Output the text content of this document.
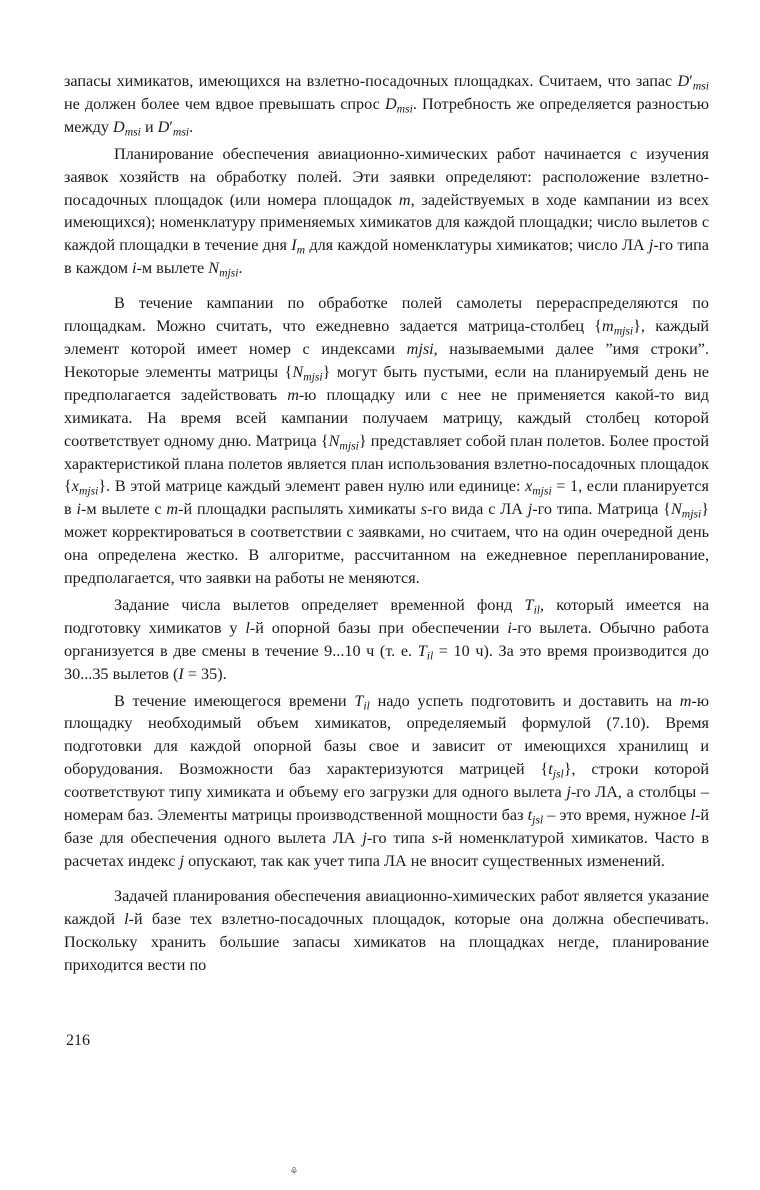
запасы химикатов, имеющихся на взлетно-посадочных площадках. Считаем, что запас $D'_{msi}$ не должен более чем вдвое превышать спрос $D_{msi}$. Потребность же определяется разностью между $D_{msi}$ и $D'_{msi}$.

Планирование обеспечения авиационно-химических работ начинается с изучения заявок хозяйств на обработку полей. Эти заявки определяют: расположение взлетно-посадочных площадок (или номера площадок m, задействуемых в ходе кампании из всех имеющихся); номенклатуру применяемых химикатов для каждой площадки; число вылетов с каждой площадки в течение дня $I_m$ для каждой номенклатуры химикатов; число ЛА j-го типа в каждом i-м вылете $N_{mjsi}$.

В течение кампании по обработке полей самолеты перераспределяются по площадкам. Можно считать, что ежедневно задается матрица-столбец $\{m_{mjsi}\}$, каждый элемент которой имеет номер с индексами mjsi, называемыми далее ”имя строки”. Некоторые элементы матрицы $\{N_{mjsi}\}$ могут быть пустыми, если на планируемый день не предполагается задействовать m-ю площадку или с нее не применяется какой-то вид химиката. На время всей кампании получаем матрицу, каждый столбец которой соответствует одному дню. Матрица $\{N_{mjsi}\}$ представляет собой план полетов. Более простой характеристикой плана полетов является план использования взлетно-посадочных площадок $\{x_{mjsi}\}$. В этой матрице каждый элемент равен нулю или единице: $x_{mjsi} = 1$, если планируется в i-м вылете с m-й площадки распылять химикаты s-го вида с ЛА j-го типа. Матрица $\{N_{mjsi}\}$ может корректироваться в соответствии с заявками, но считаем, что на один очередной день она определена жестко. В алгоритме, рассчитанном на ежедневное перепланирование, предполагается, что заявки на работы не меняются.

Задание числа вылетов определяет временной фонд $T_{il}$, который имеется на подготовку химикатов у l-й опорной базы при обеспечении i-го вылета. Обычно работа организуется в две смены в течение 9...10 ч (т. е. $T_{il} = 10$ ч). За это время производится до 30...35 вылетов (I = 35).

В течение имеющегося времени $T_{il}$ надо успеть подготовить и доставить на m-ю площадку необходимый объем химикатов, определяемый формулой (7.10). Время подготовки для каждой опорной базы свое и зависит от имеющихся хранилищ и оборудования. Возможности баз характеризуются матрицей $\{t_{jsl}\}$, строки которой соответствуют типу химиката и объему его загрузки для одного вылета j-го ЛА, а столбцы – номерам баз. Элементы матрицы производственной мощности баз $t_{jsl}$ – это время, нужное l-й базе для обеспечения одного вылета ЛА j-го типа s-й номенклатурой химикатов. Часто в расчетах индекс j опускают, так как учет типа ЛА не вносит существенных изменений.

Задачей планирования обеспечения авиационно-химических работ является указание каждой l-й базе тех взлетно-посадочных площадок, которые она должна обеспечивать. Поскольку хранить большие запасы химикатов на площадках негде, планирование приходится вести по

216
⚘
